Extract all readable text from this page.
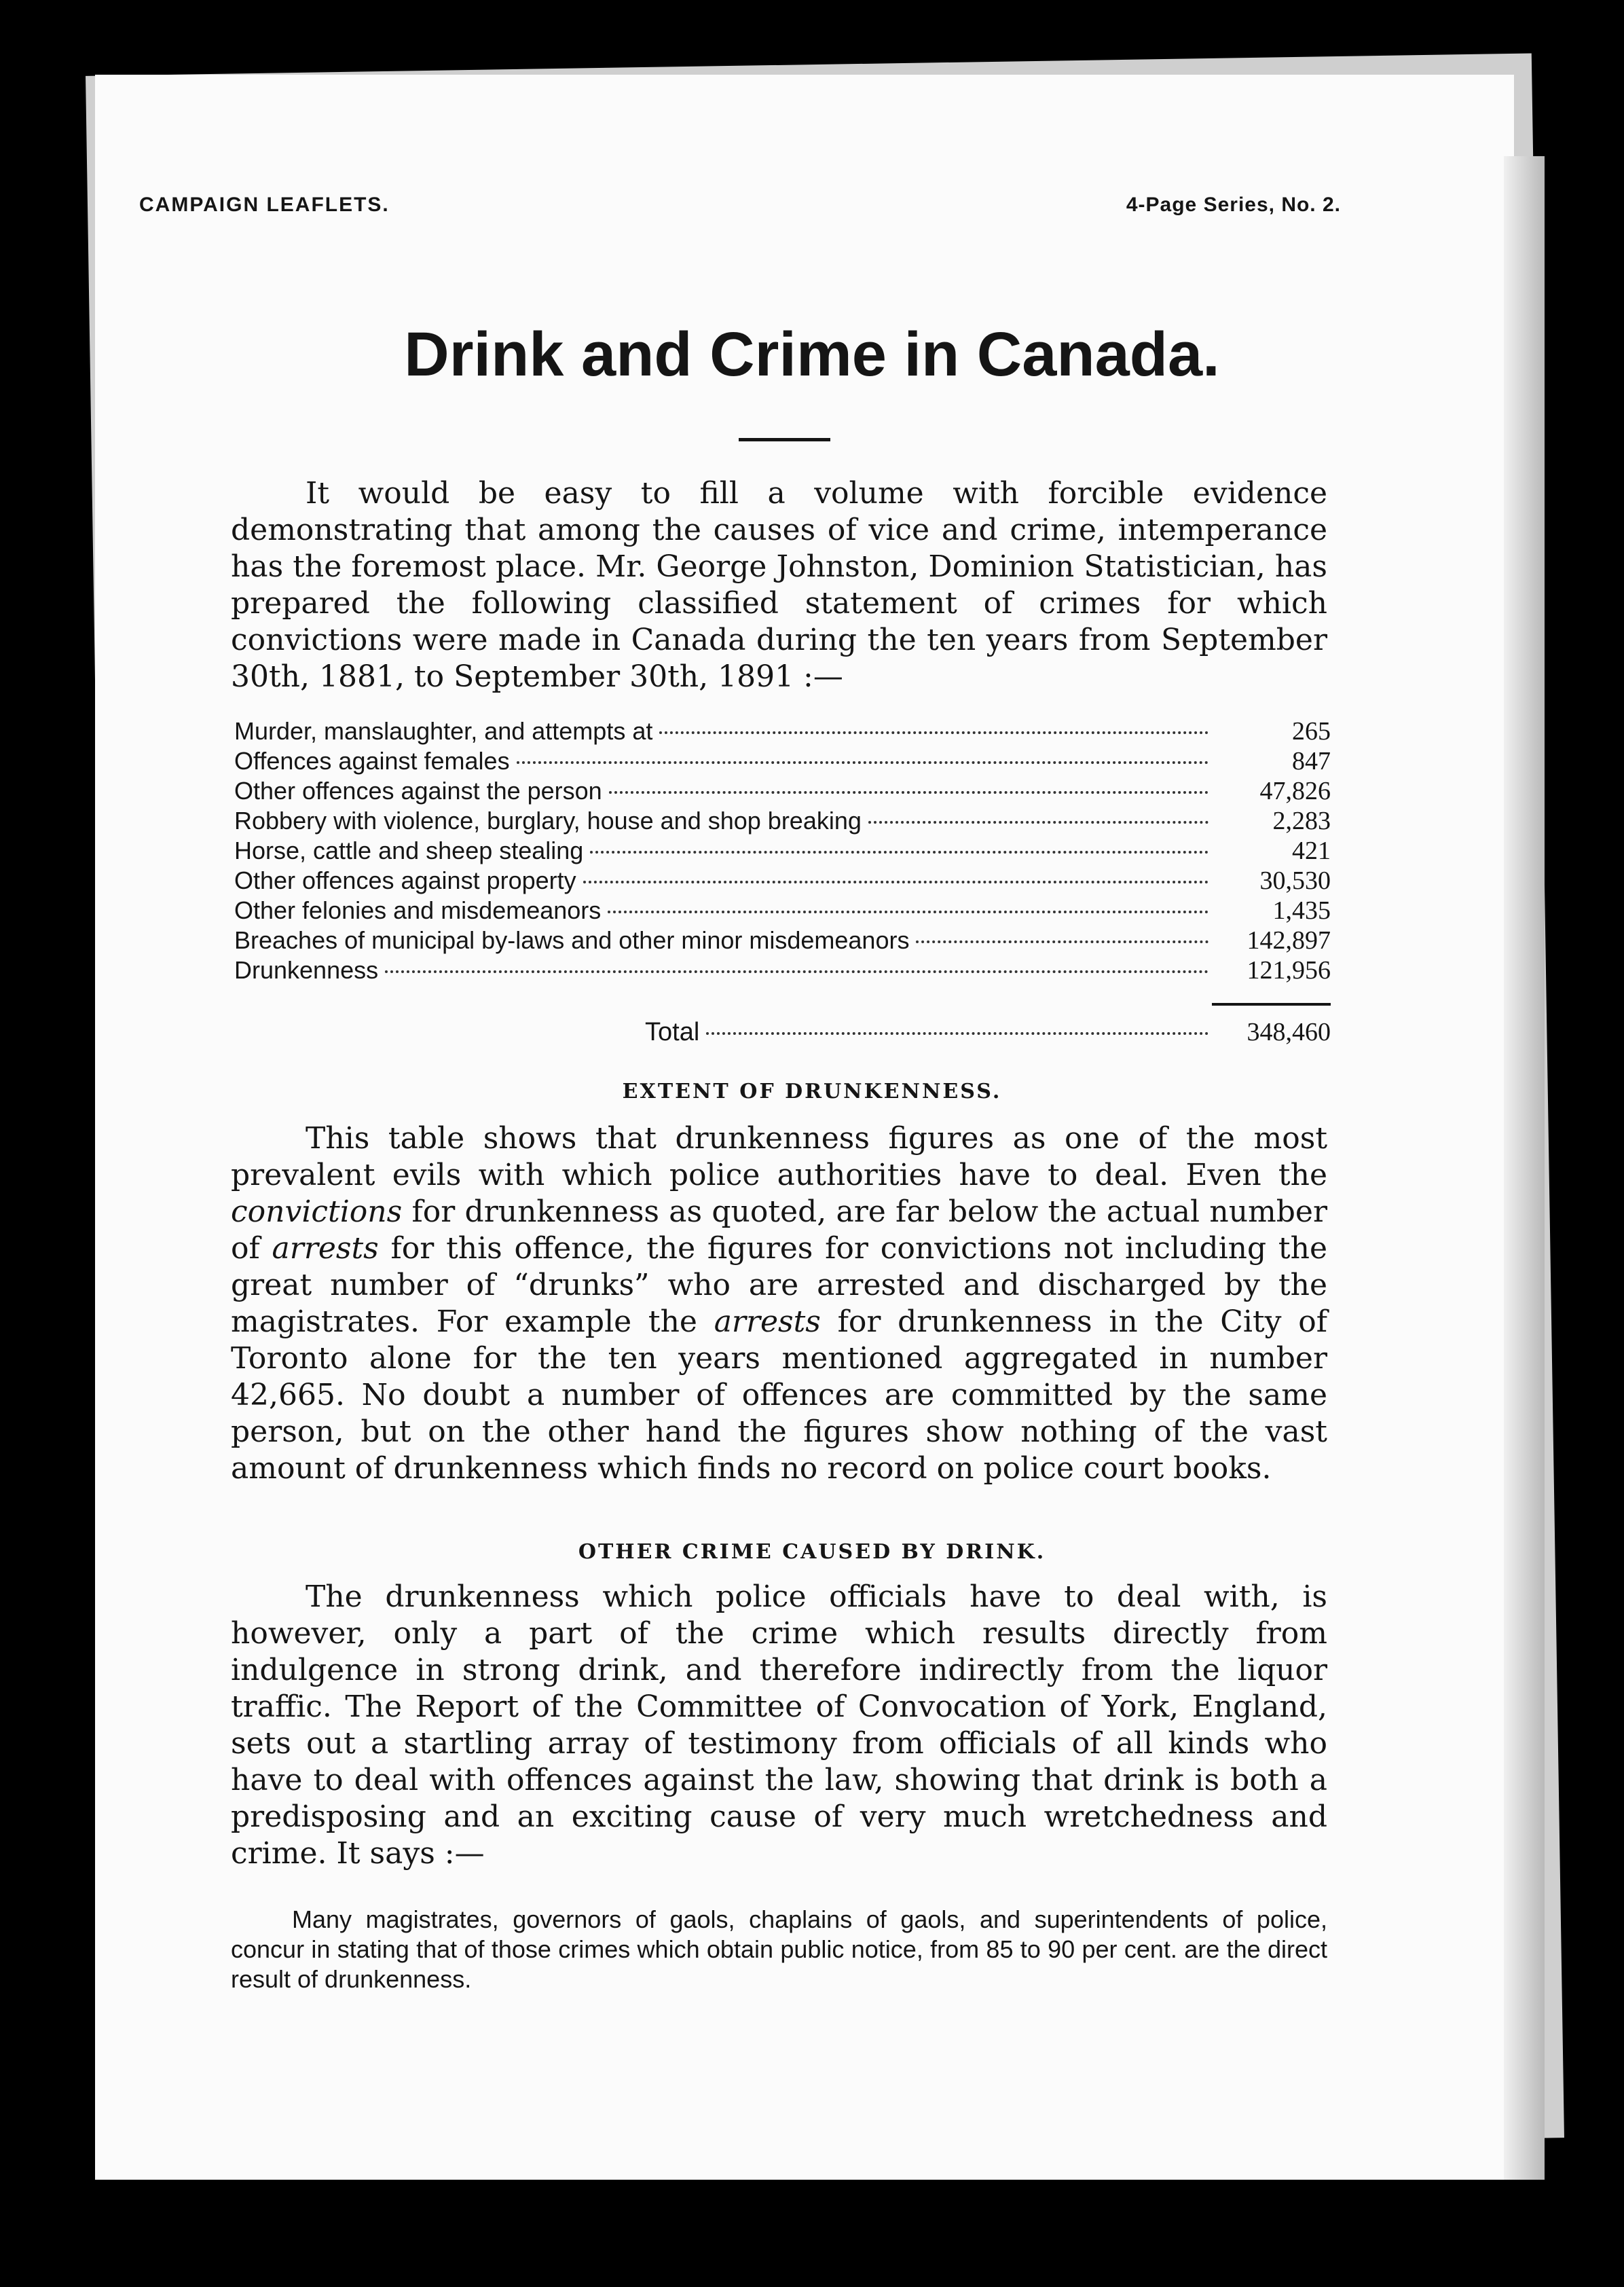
CAMPAIGN LEAFLETS.	4-Page Series, No. 2.
Drink and Crime in Canada.

It would be easy to fill a volume with forcible evidence demonstrating that among the causes of vice and crime, intemperance has the foremost place. Mr. George Johnston, Dominion Statistician, has prepared the following classified statement of crimes for which convictions were made in Canada during the ten years from September 30th, 1881, to September 30th, 1891 :—

Murder, manslaughter, and attempts at	265
Offences against females	847
Other offences against the person	47,826
Robbery with violence, burglary, house and shop breaking	2,283
Horse, cattle and sheep stealing	421
Other offences against property	30,530
Other felonies and misdemeanors	1,435
Breaches of municipal by-laws and other minor misdemeanors	142,897
Drunkenness	121,956
Total	348,460
EXTENT OF DRUNKENNESS.

This table shows that drunkenness figures as one of the most prevalent evils with which police authorities have to deal. Even the convictions for drunkenness as quoted, are far below the actual number of arrests for this offence, the figures for convictions not including the great number of “drunks” who are arrested and discharged by the magistrates. For example the arrests for drunkenness in the City of Toronto alone for the ten years mentioned aggregated in number 42,665. No doubt a number of offences are committed by the same person, but on the other hand the figures show nothing of the vast amount of drunkenness which finds no record on police court books.

OTHER CRIME CAUSED BY DRINK.

The drunkenness which police officials have to deal with, is however, only a part of the crime which results directly from indulgence in strong drink, and therefore indirectly from the liquor traffic. The Report of the Committee of Convocation of York, England, sets out a startling array of testimony from officials of all kinds who have to deal with offences against the law, showing that drink is both a predisposing and an exciting cause of very much wretchedness and crime. It says :—

Many magistrates, governors of gaols, chaplains of gaols, and superintendents of police, concur in stating that of those crimes which obtain public notice, from 85 to 90 per cent. are the direct result of drunkenness.
